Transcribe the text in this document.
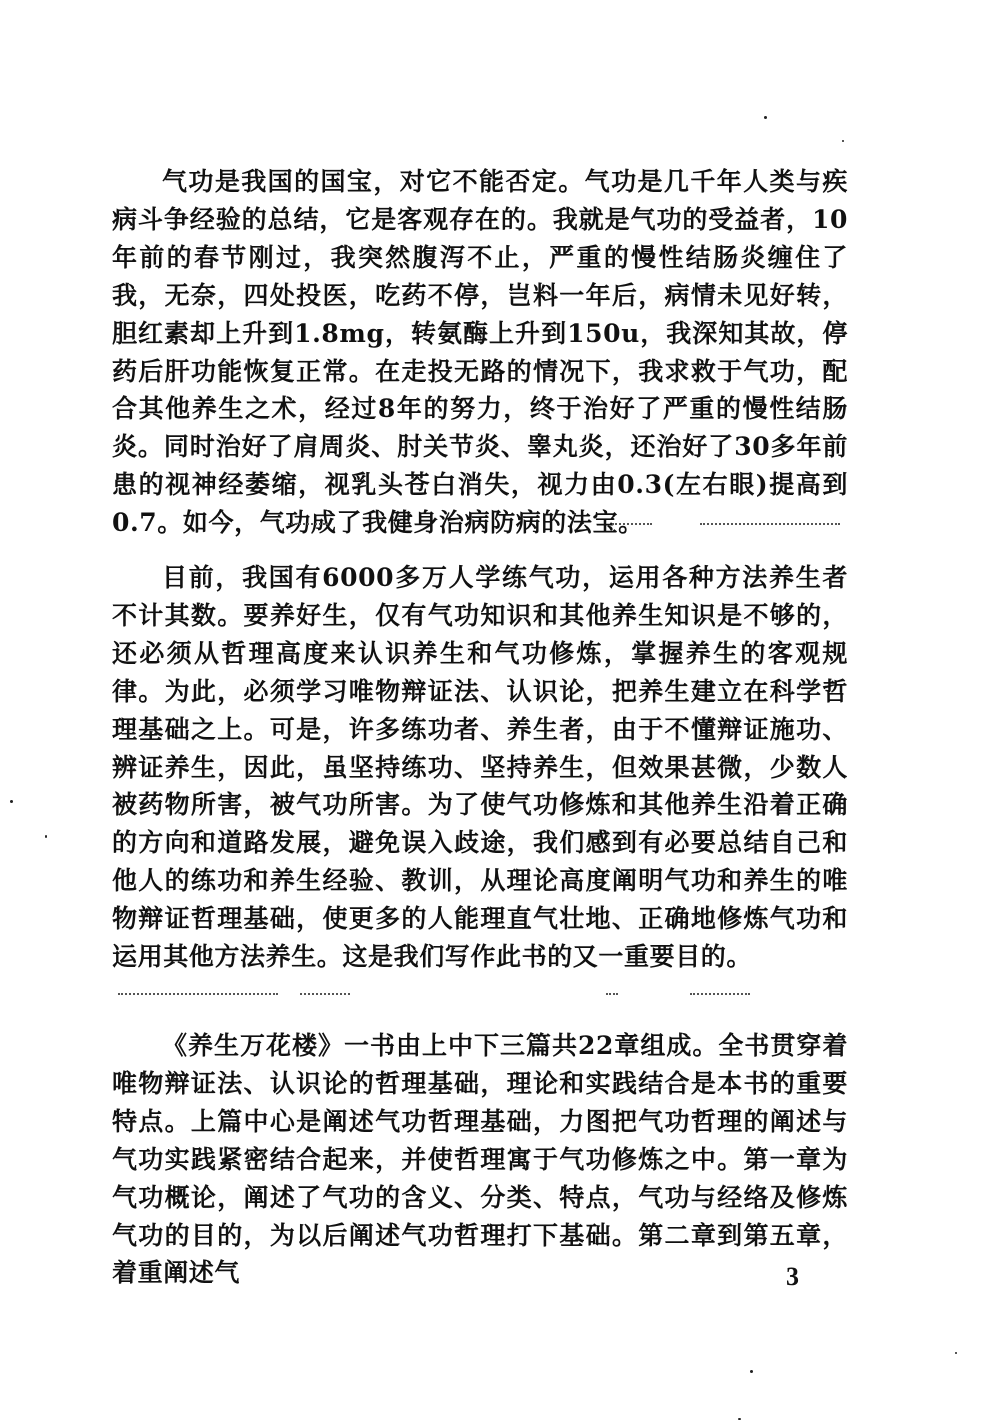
气功是我国的国宝，对它不能否定。气功是几千年人类与疾病斗争经验的总结，它是客观存在的。我就是气功的受益者，10年前的春节刚过，我突然腹泻不止，严重的慢性结肠炎缠住了我，无奈，四处投医，吃药不停，岂料一年后，病情未见好转，胆红素却上升到1.8mg，转氨酶上升到150u，我深知其故，停药后肝功能恢复正常。在走投无路的情况下，我求救于气功，配合其他养生之术，经过8年的努力，终于治好了严重的慢性结肠炎。同时治好了肩周炎、肘关节炎、睾丸炎，还治好了30多年前患的视神经萎缩，视乳头苍白消失，视力由0.3(左右眼)提高到0.7。如今，气功成了我健身治病防病的法宝。

目前，我国有6000多万人学练气功，运用各种方法养生者不计其数。要养好生，仅有气功知识和其他养生知识是不够的，还必须从哲理高度来认识养生和气功修炼，掌握养生的客观规律。为此，必须学习唯物辩证法、认识论，把养生建立在科学哲理基础之上。可是，许多练功者、养生者，由于不懂辩证施功、辨证养生，因此，虽坚持练功、坚持养生，但效果甚微，少数人被药物所害，被气功所害。为了使气功修炼和其他养生沿着正确的方向和道路发展，避免误入歧途，我们感到有必要总结自己和他人的练功和养生经验、教训，从理论高度阐明气功和养生的唯物辩证哲理基础，使更多的人能理直气壮地、正确地修炼气功和运用其他方法养生。这是我们写作此书的又一重要目的。

《养生万花楼》一书由上中下三篇共22章组成。全书贯穿着唯物辩证法、认识论的哲理基础，理论和实践结合是本书的重要特点。上篇中心是阐述气功哲理基础，力图把气功哲理的阐述与气功实践紧密结合起来，并使哲理寓于气功修炼之中。第一章为气功概论，阐述了气功的含义、分类、特点，气功与经络及修炼气功的目的，为以后阐述气功哲理打下基础。第二章到第五章，着重阐述气	3
